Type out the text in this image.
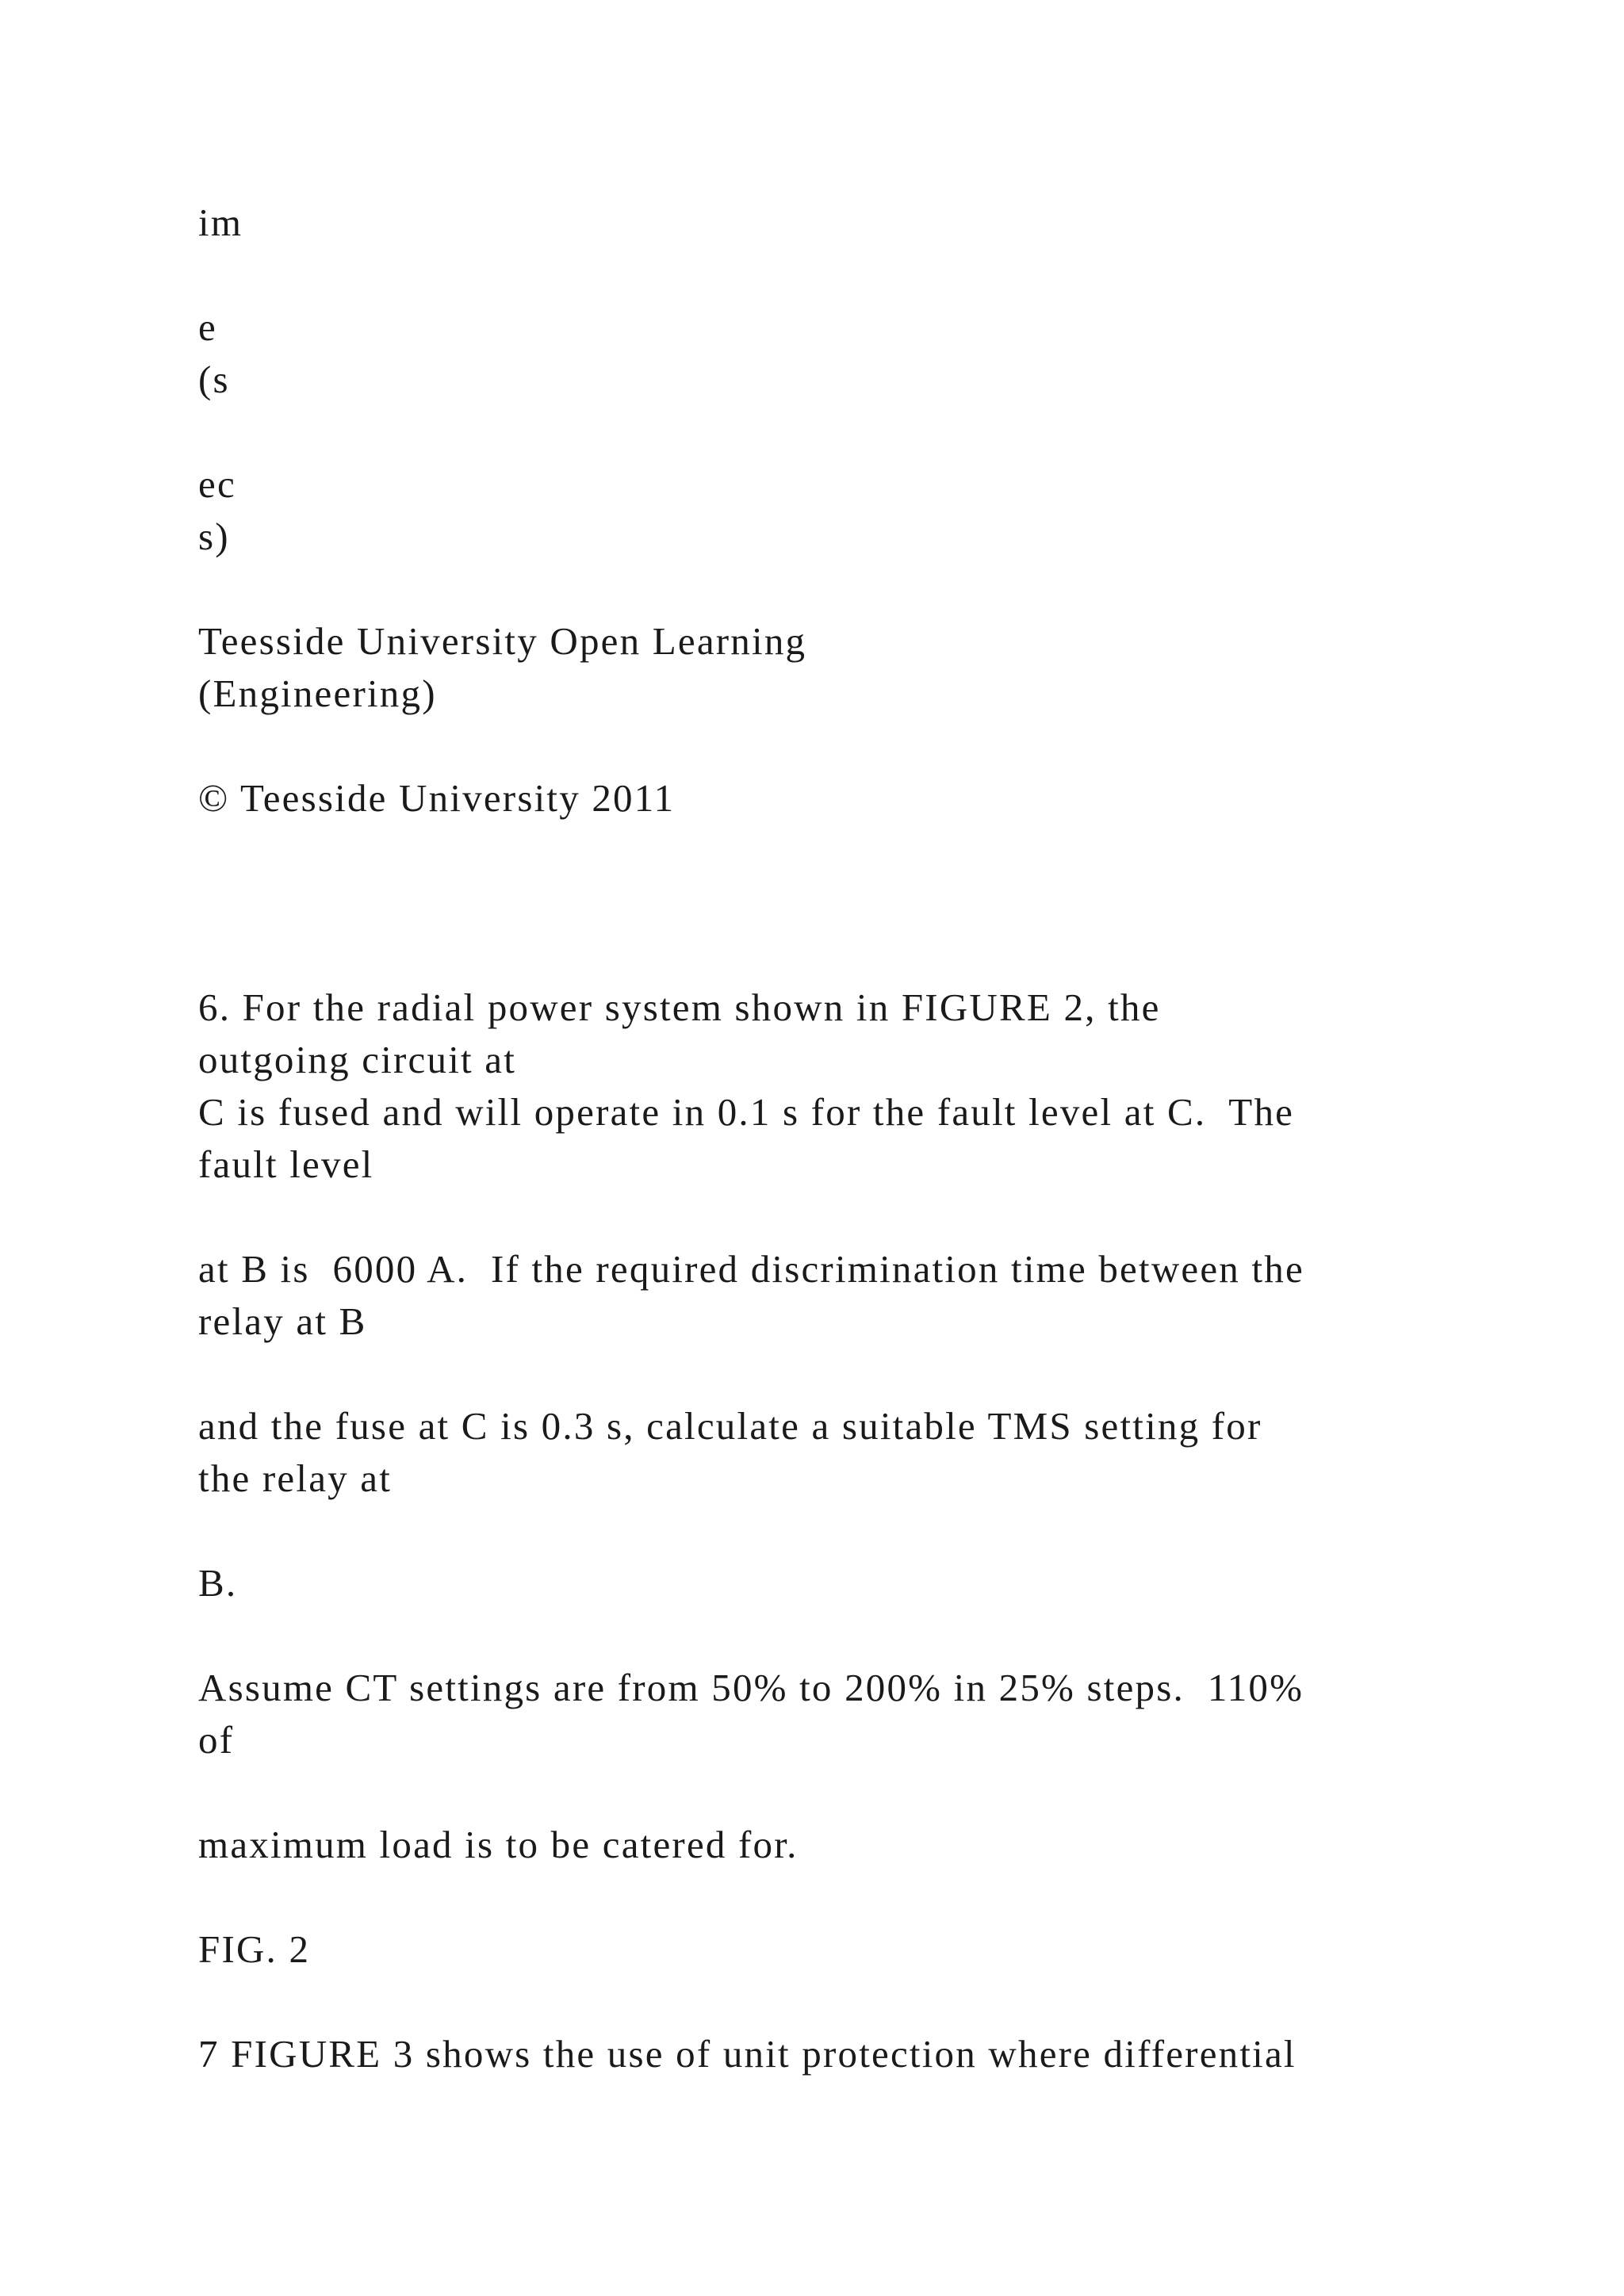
im

e

(s

ec

s)

Teesside University Open Learning

(Engineering)

© Teesside University 2011

6. For the radial power system shown in FIGURE 2, the

outgoing circuit at

C is fused and will operate in 0.1 s for the fault level at C.  The

fault level

at B is  6000 A.  If the required discrimination time between the

relay at B

and the fuse at C is 0.3 s, calculate a suitable TMS setting for

the relay at

B.

Assume CT settings are from 50% to 200% in 25% steps.  110%

of

maximum load is to be catered for.

FIG. 2

7 FIGURE 3 shows the use of unit protection where differential
